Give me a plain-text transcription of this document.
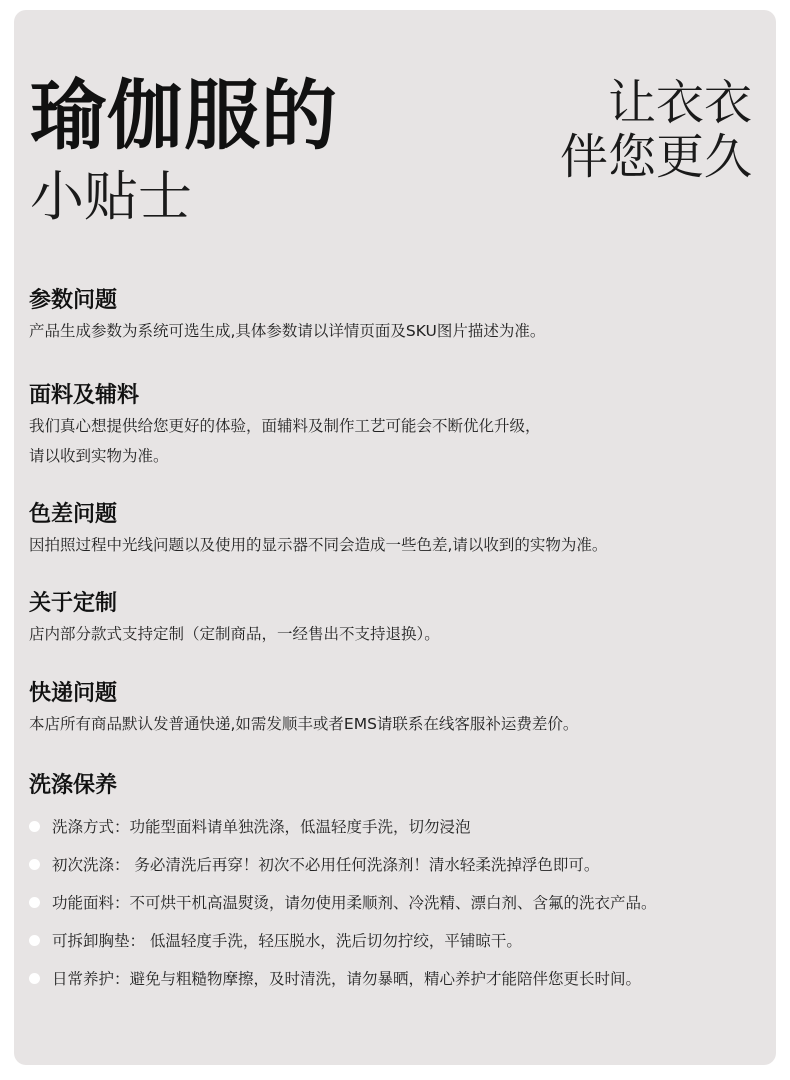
瑜伽服的
小贴士
让衣衣
伴您更久
参数问题

产品生成参数为系统可选生成,具体参数请以详情页面及SKU图片描述为准。

面料及辅料

我们真心想提供给您更好的体验，面辅料及制作工艺可能会不断优化升级，

请以收到实物为准。

色差问题

因拍照过程中光线问题以及使用的显示器不同会造成一些色差,请以收到的实物为准。

关于定制

店内部分款式支持定制（定制商品，一经售出不支持退换）。

快递问题

本店所有商品默认发普通快递,如需发顺丰或者EMS请联系在线客服补运费差价。

洗涤保养
洗涤方式：功能型面料请单独洗涤，低温轻度手洗，切勿浸泡
初次洗涤： 务必清洗后再穿！初次不必用任何洗涤剂！清水轻柔洗掉浮色即可。
功能面料：不可烘干机高温熨烫，请勿使用柔顺剂、冷洗精、漂白剂、含氟的洗衣产品。
可拆卸胸垫： 低温轻度手洗，轻压脱水，洗后切勿拧绞，平铺晾干。
日常养护：避免与粗糙物摩擦，及时清洗，请勿暴晒，精心养护才能陪伴您更长时间。
